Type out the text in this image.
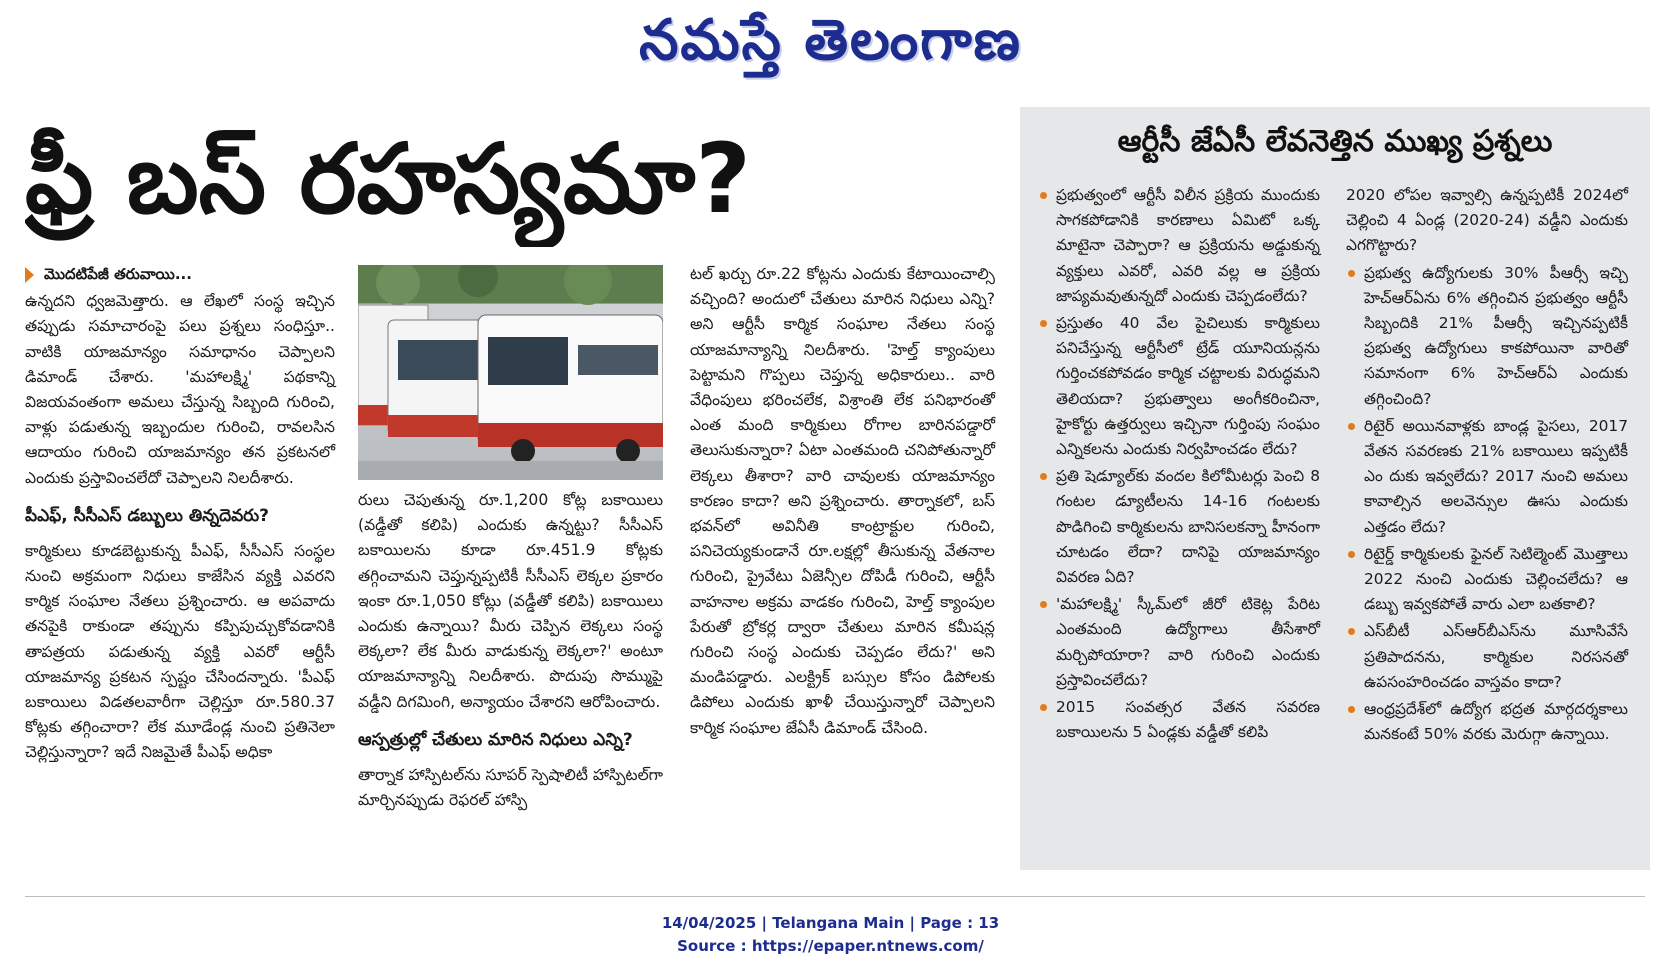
నమస్తే తెలంగాణ
ఫ్రీ బస్ రహస్యమా?
మొదటిపేజీ తరువాయి...

ఉన్నదని ధ్వజమెత్తారు. ఆ లేఖలో సంస్థ ఇచ్చిన తప్పుడు సమాచారంపై పలు ప్రశ్నలు సంధిస్తూ.. వాటికి యాజమాన్యం సమాధానం చెప్పాలని డిమాండ్ చేశారు. 'మహాలక్ష్మి' పథకాన్ని విజయవంతంగా అమలు చేస్తున్న సిబ్బంది గురించి, వాళ్లు పడుతున్న ఇబ్బందుల గురించి, రావలసిన ఆదాయం గురించి యాజమాన్యం తన ప్రకటనలో ఎందుకు ప్రస్తావించలేదో చెప్పాలని నిలదీశారు.

పీఎఫ్, సీసీఎస్ డబ్బులు తిన్నదెవరు?

కార్మికులు కూడబెట్టుకున్న పీఎఫ్, సీసీఎస్ సంస్థల నుంచి అక్రమంగా నిధులు కాజేసిన వ్యక్తి ఎవరని కార్మిక సంఘాల నేతలు ప్రశ్నించారు. ఆ అపవాదు తనపైకి రాకుండా తప్పును కప్పిపుచ్చుకోవడానికి తాపత్రయ పడుతున్న వ్యక్తి ఎవరో ఆర్టీసీ యాజమాన్య ప్రకటన స్పష్టం చేసిందన్నారు. 'పీఎఫ్ బకాయిలు విడతలవారీగా చెల్లిస్తూ రూ.580.37 కోట్లకు తగ్గించారా? లేక మూడేండ్ల నుంచి ప్రతినెలా చెల్లిస్తున్నారా? ఇదే నిజమైతే పీఎఫ్ అధికా

రులు చెపుతున్న రూ.1,200 కోట్ల బకాయిలు (వడ్డీతో కలిపి) ఎందుకు ఉన్నట్టు? సీసీఎస్ బకాయిలను కూడా రూ.451.9 కోట్లకు తగ్గించామని చెప్తున్నప్పటికీ సీసీఎస్ లెక్కల ప్రకారం ఇంకా రూ.1,050 కోట్లు (వడ్డీతో కలిపి) బకాయిలు ఎందుకు ఉన్నాయి? మీరు చెప్పిన లెక్కలు సంస్థ లెక్కలా? లేక మీరు వాడుకున్న లెక్కలా?' అంటూ యాజమాన్యాన్ని నిలదీశారు. పొదుపు సొమ్ముపై వడ్డీని దిగమింగి, అన్యాయం చేశారని ఆరోపించారు.

ఆస్పత్రుల్లో చేతులు మారిన నిధులు ఎన్ని?

తార్నాక హాస్పిటల్‌ను సూపర్ స్పెషాలిటీ హాస్పిటల్‌గా మార్చినప్పుడు రెఫరల్ హాస్పి

టల్ ఖర్చు రూ.22 కోట్లను ఎందుకు కేటాయించాల్సి వచ్చింది? అందులో చేతులు మారిన నిధులు ఎన్ని? అని ఆర్టీసీ కార్మిక సంఘాల నేతలు సంస్థ యాజమాన్యాన్ని నిలదీశారు. 'హెల్త్ క్యాంపులు పెట్టామని గొప్పలు చెప్తున్న అధికారులు.. వారి వేధింపులు భరించలేక, విశ్రాంతి లేక పనిభారంతో ఎంత మంది కార్మికులు రోగాల బారినపడ్డారో తెలుసుకున్నారా? ఏటా ఎంతమంది చనిపోతున్నారో లెక్కలు తీశారా? వారి చావులకు యాజమాన్యం కారణం కాదా? అని ప్రశ్నించారు. తార్నాకలో, బస్ భవన్‌లో అవినీతి కాంట్రాక్టుల గురించి, పనిచెయ్యకుండానే రూ.లక్షల్లో తీసుకున్న వేతనాల గురించి, ప్రైవేటు ఏజెన్సీల దోపిడీ గురించి, ఆర్టీసీ వాహనాల అక్రమ వాడకం గురించి, హెల్త్ క్యాంపుల పేరుతో బ్రోకర్ల ద్వారా చేతులు మారిన కమీషన్ల గురించి సంస్థ ఎందుకు చెప్పడం లేదు?' అని మండిపడ్డారు. ఎలక్ట్రిక్ బస్సుల కోసం డిపోలకు డిపోలు ఎందుకు ఖాళీ చేయిస్తున్నారో చెప్పాలని కార్మిక సంఘాల జేఏసీ డిమాండ్ చేసింది.

ఆర్టీసీ జేఏసీ లేవనెత్తిన ముఖ్య ప్రశ్నలు

ప్రభుత్వంలో ఆర్టీసీ విలీన ప్రక్రియ ముందుకు సాగకపోడానికి కారణాలు ఏమిటో ఒక్క మాటైనా చెప్పారా? ఆ ప్రక్రియను అడ్డుకున్న వ్యక్తులు ఎవరో, ఎవరి వల్ల ఆ ప్రక్రియ జాప్యమవుతున్నదో ఎందుకు చెప్పడంలేదు?

ప్రస్తుతం 40 వేల పైచిలుకు కార్మికులు పనిచేస్తున్న ఆర్టీసీలో ట్రేడ్ యూనియన్లను గుర్తించకపోవడం కార్మిక చట్టాలకు విరుద్ధమని తెలియదా? ప్రభుత్వాలు అంగీకరించినా, హైకోర్టు ఉత్తర్వులు ఇచ్చినా గుర్తింపు సంఘం ఎన్నికలను ఎందుకు నిర్వహించడం లేదు?

ప్రతి షెడ్యూల్‌కు వందల కిలోమీటర్లు పెంచి 8 గంటల డ్యూటీలను 14-16 గంటలకు పొడిగించి కార్మికులను బానిసలకన్నా హీనంగా చూటడం లేదా? దానిపై యాజమాన్యం వివరణ ఏది?

'మహాలక్ష్మి' స్కీమ్‌లో జీరో టికెట్ల పేరిట ఎంతమంది ఉద్యోగాలు తీసేశారో మర్చిపోయారా? వారి గురించి ఎందుకు ప్రస్తావించలేదు?

2015 సంవత్సర వేతన సవరణ బకాయిలను 5 ఏండ్లకు వడ్డీతో కలిపి

2020 లోపల ఇవ్వాల్సి ఉన్నప్పటికీ 2024లో చెల్లించి 4 ఏండ్ల (2020-24) వడ్డీని ఎందుకు ఎగగొట్టారు?

ప్రభుత్వ ఉద్యోగులకు 30% పీఆర్సీ ఇచ్చి హెచ్‌ఆర్‌ఏను 6% తగ్గించిన ప్రభుత్వం ఆర్టీసీ సిబ్బందికి 21% పీఆర్సీ ఇచ్చినప్పటికీ ప్రభుత్వ ఉద్యోగులు కాకపోయినా వారితో సమానంగా 6% హెచ్‌ఆర్‌ఏ ఎందుకు తగ్గించింది?

రిటైర్ అయినవాళ్లకు బాండ్ల పైసలు, 2017 వేతన సవరణకు 21% బకాయిలు ఇప్పటికీ ఎం దుకు ఇవ్వలేదు? 2017 నుంచి అమలు కావాల్సిన అలవెన్సుల ఊసు ఎందుకు ఎత్తడం లేదు?

రిటైర్డ్ కార్మికులకు ఫైనల్ సెటిల్మెంట్ మొత్తాలు 2022 నుంచి ఎందుకు చెల్లించలేదు? ఆ డబ్బు ఇవ్వకపోతే వారు ఎలా బతకాలి?

ఎస్‌బీటీ ఎస్‌ఆర్‌బీఎస్‌ను మూసివేసే ప్రతిపాదనను, కార్మికుల నిరసనతో ఉపసంహరించడం వాస్తవం కాదా?

ఆంధ్రప్రదేశ్‌లో ఉద్యోగ భద్రత మార్గదర్శకాలు మనకంటే 50% వరకు మెరుగ్గా ఉన్నాయి.

14/04/2025 | Telangana Main | Page : 13
Source : https://epaper.ntnews.com/
